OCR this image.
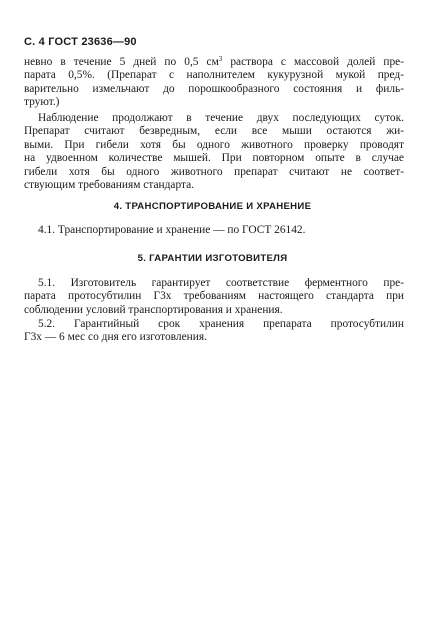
С. 4 ГОСТ 23636—90
невно в течение 5 дней по 0,5 $см^3$ раствора с массовой долей пре-
парата 0,5%. (Препарат с наполнителем кукурузной мукой пред-
варительно измельчают до порошкообразного состояния и филь-
труют.)
Наблюдение продолжают в течение двух последующих суток.
Препарат считают безвредным, если все мыши остаются жи-
выми. При гибели хотя бы одного животного проверку проводят
на удвоенном количестве мышей. При повторном опыте в случае
гибели хотя бы одного животного препарат считают не соответ-
ствующим требованиям стандарта.
4. ТРАНСПОРТИРОВАНИЕ И ХРАНЕНИЕ
4.1. Транспортирование и хранение — по ГОСТ 26142.
5. ГАРАНТИИ ИЗГОТОВИТЕЛЯ
5.1. Изготовитель гарантирует соответствие ферментного пре-
парата протосубтилин Г3х требованиям настоящего стандарта при
соблюдении условий транспортирования и хранения.
5.2. Гарантийный срок хранения препарата протосубтилин
Г3х — 6 мес со дня его изготовления.
